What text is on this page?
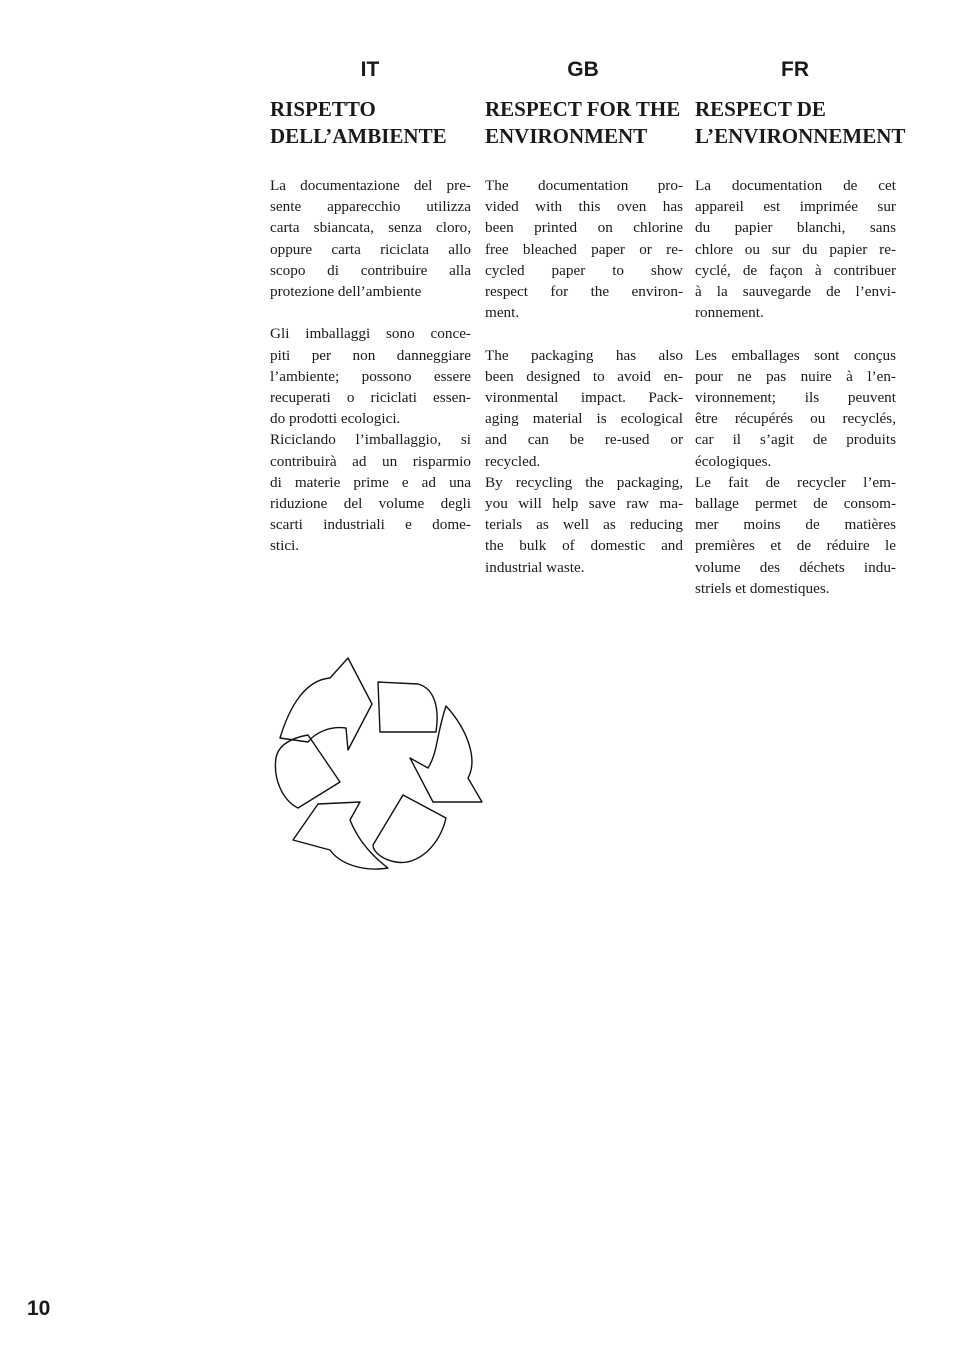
IT	GB	FR
RISPETTO
DELL’AMBIENTE

La documentazione del pre-
sente apparecchio utilizza
carta sbiancata, senza cloro,
oppure carta riciclata allo
scopo di contribuire alla
protezione dell’ambiente

Gli imballaggi sono conce-
piti per non danneggiare
l’ambiente; possono essere
recuperati o riciclati essen-
do prodotti ecologici.

Riciclando l’imballaggio, si
contribuirà ad un risparmio
di materie prime e ad una
riduzione del volume degli
scarti industriali e dome-
stici.

RESPECT FOR THE
ENVIRONMENT

The documentation pro-
vided with this oven has
been printed on chlorine
free bleached paper or re-
cycled paper to show
respect for the environ-
ment.

The packaging has also
been designed to avoid en-
vironmental impact. Pack-
aging material is ecological
and can be re-used or
recycled.

By recycling the packaging,
you will help save raw ma-
terials as well as reducing
the bulk of domestic and
industrial waste.

RESPECT DE
L’ENVIRONNEMENT

La documentation de cet
appareil est imprimée sur
du papier blanchi, sans
chlore ou sur du papier re-
cyclé, de façon à contribuer
à la sauvegarde de l’envi-
ronnement.

Les emballages sont conçus
pour ne pas nuire à l’en-
vironnement; ils peuvent
être récupérés ou recyclés,
car il s’agit de produits
écologiques.

Le fait de recycler l’em-
ballage permet de consom-
mer moins de matières
premières et de réduire le
volume des déchets indu-
striels et domestiques.

10
